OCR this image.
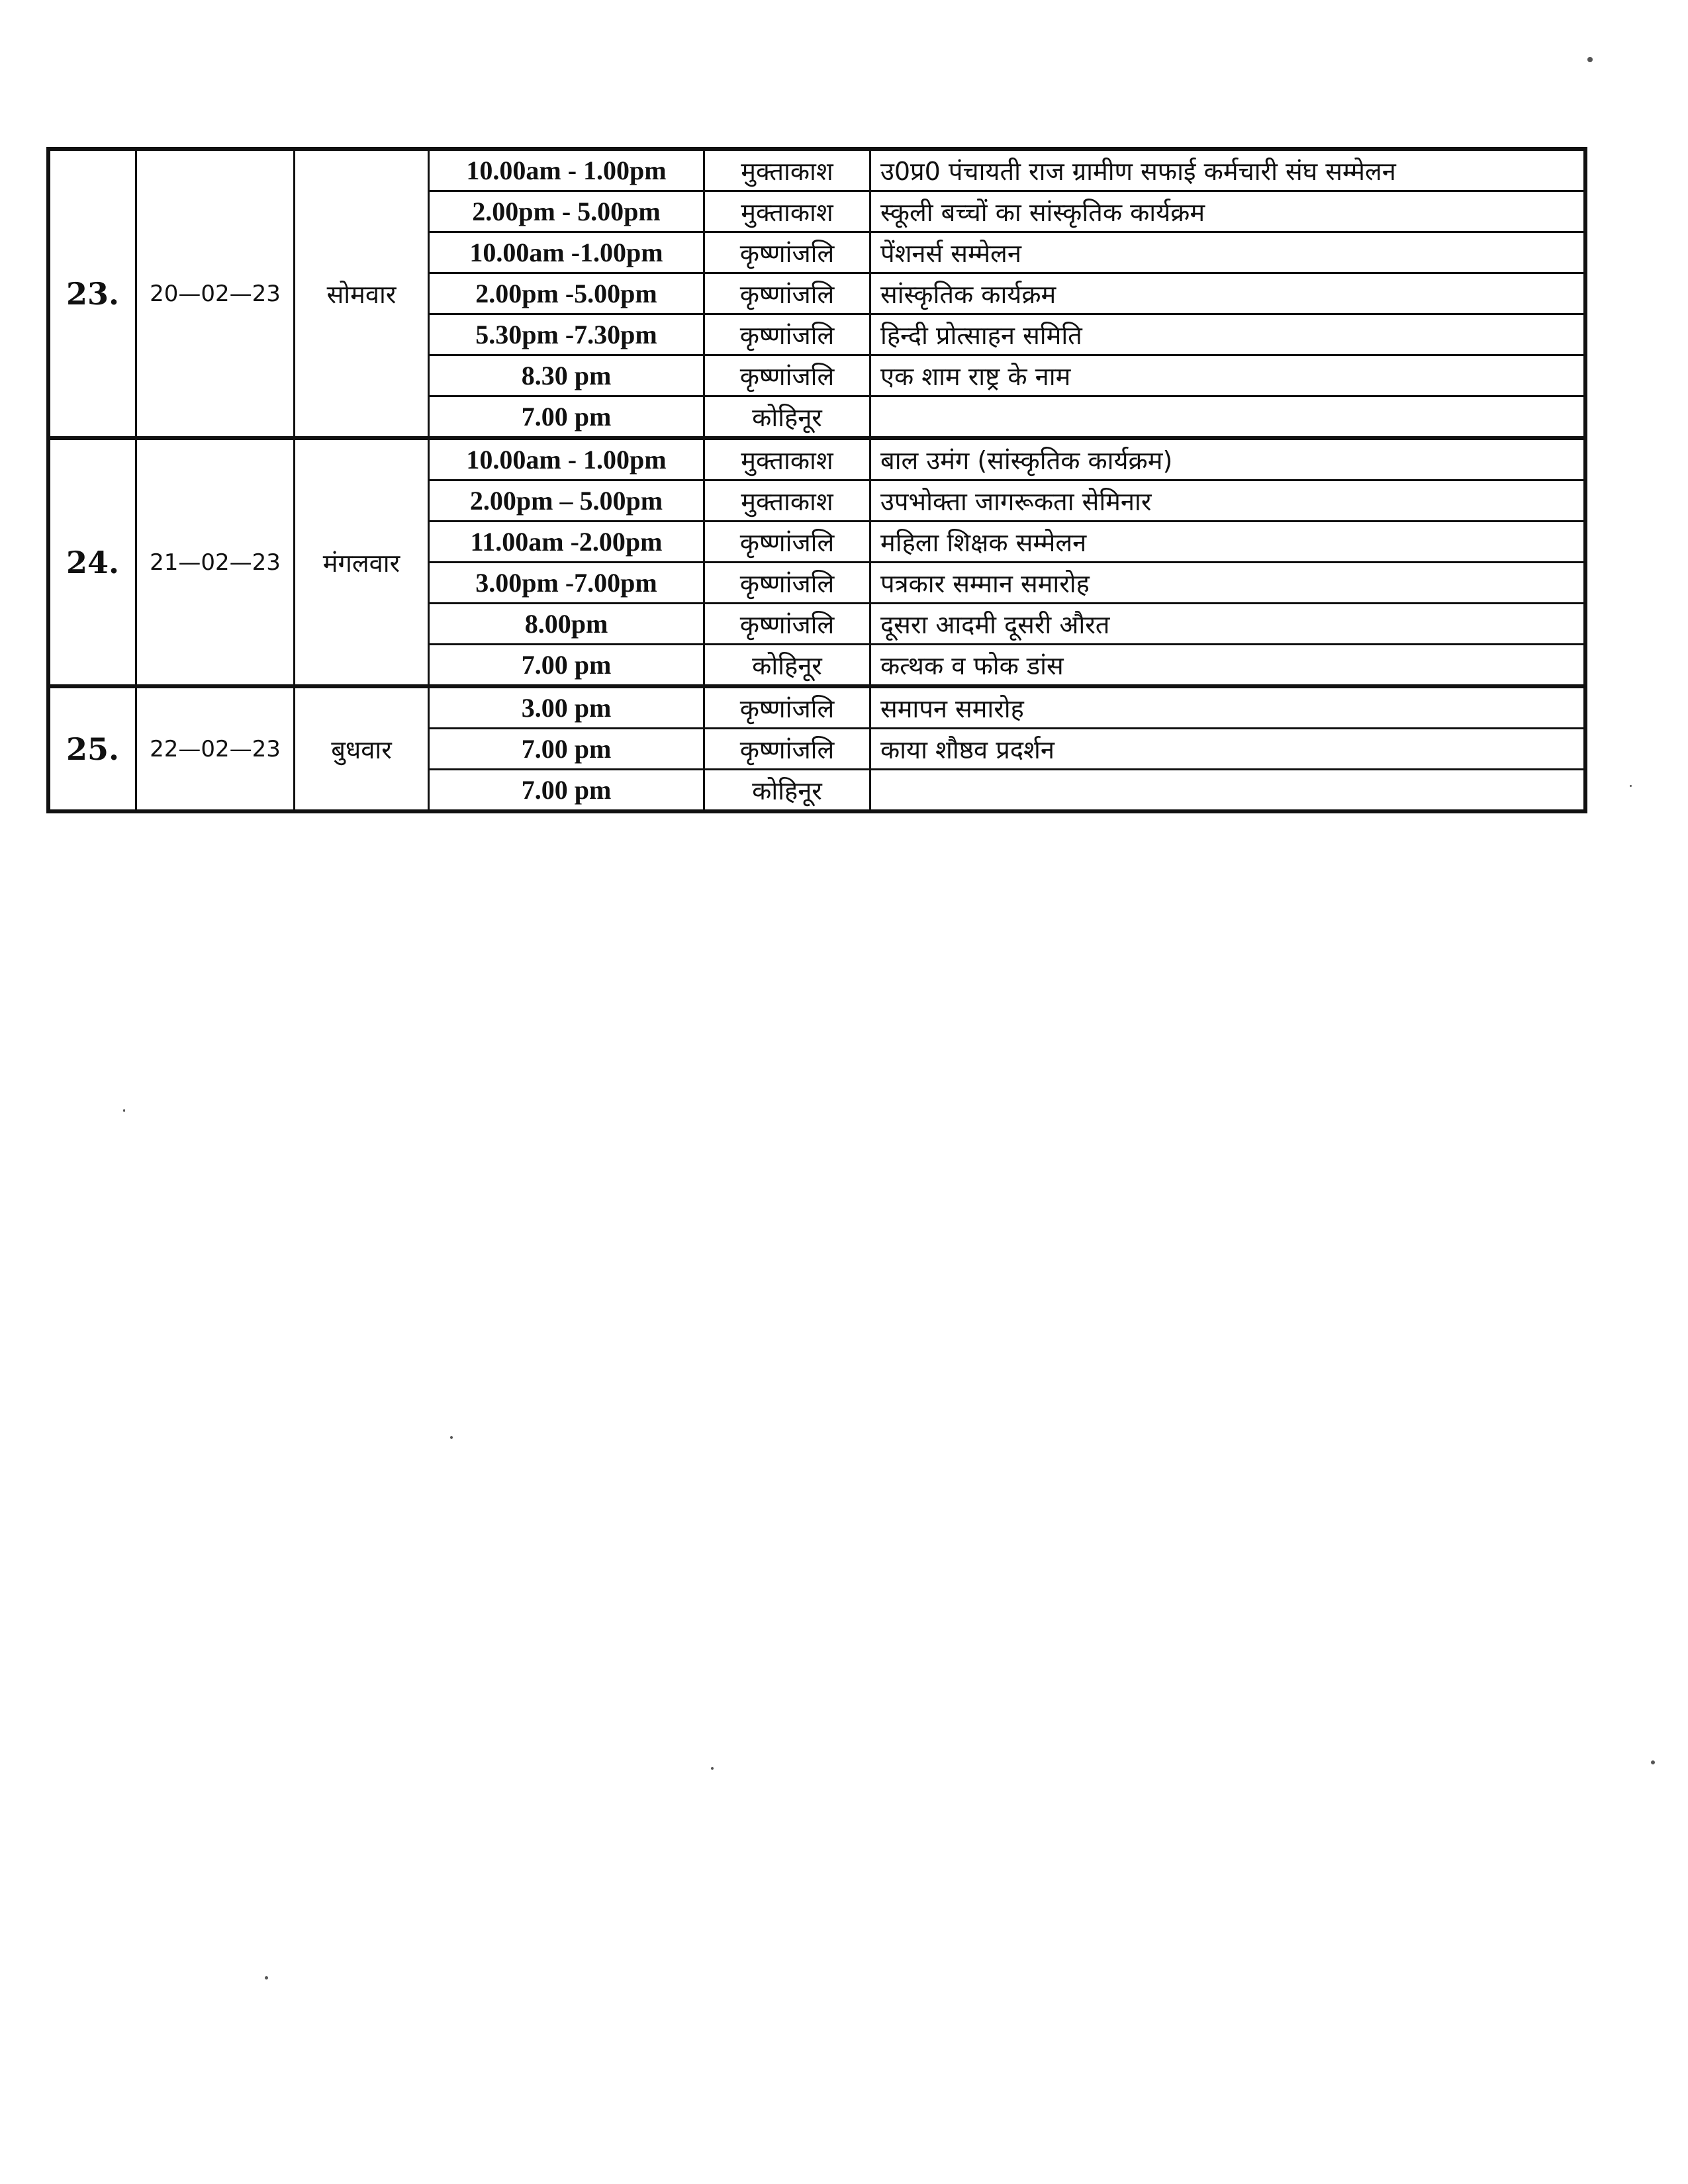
23.	20—02—23	सोमवार	10.00am - 1.00pm	मुक्ताकाश	उ0प्र0 पंचायती राज ग्रामीण सफाई कर्मचारी संघ सम्मेलन
			2.00pm - 5.00pm	मुक्ताकाश	स्कूली बच्चों का सांस्कृतिक कार्यक्रम
			10.00am -1.00pm	कृष्णांजलि	पेंशनर्स सम्मेलन
			2.00pm -5.00pm	कृष्णांजलि	सांस्कृतिक कार्यक्रम
			5.30pm -7.30pm	कृष्णांजलि	हिन्दी प्रोत्साहन समिति
			8.30 pm	कृष्णांजलि	एक शाम राष्ट्र के नाम
			7.00 pm	कोहिनूर	
24.	21—02—23	मंगलवार	10.00am - 1.00pm	मुक्ताकाश	बाल उमंग (सांस्कृतिक कार्यक्रम)
			2.00pm – 5.00pm	मुक्ताकाश	उपभोक्ता जागरूकता सेमिनार
			11.00am -2.00pm	कृष्णांजलि	महिला शिक्षक सम्मेलन
			3.00pm -7.00pm	कृष्णांजलि	पत्रकार सम्मान समारोह
			8.00pm	कृष्णांजलि	दूसरा आदमी दूसरी औरत
			7.00 pm	कोहिनूर	कत्थक व फोक डांस
25.	22—02—23	बुधवार	3.00 pm	कृष्णांजलि	समापन समारोह
			7.00 pm	कृष्णांजलि	काया शौष्ठव प्रदर्शन
			7.00 pm	कोहिनूर	
